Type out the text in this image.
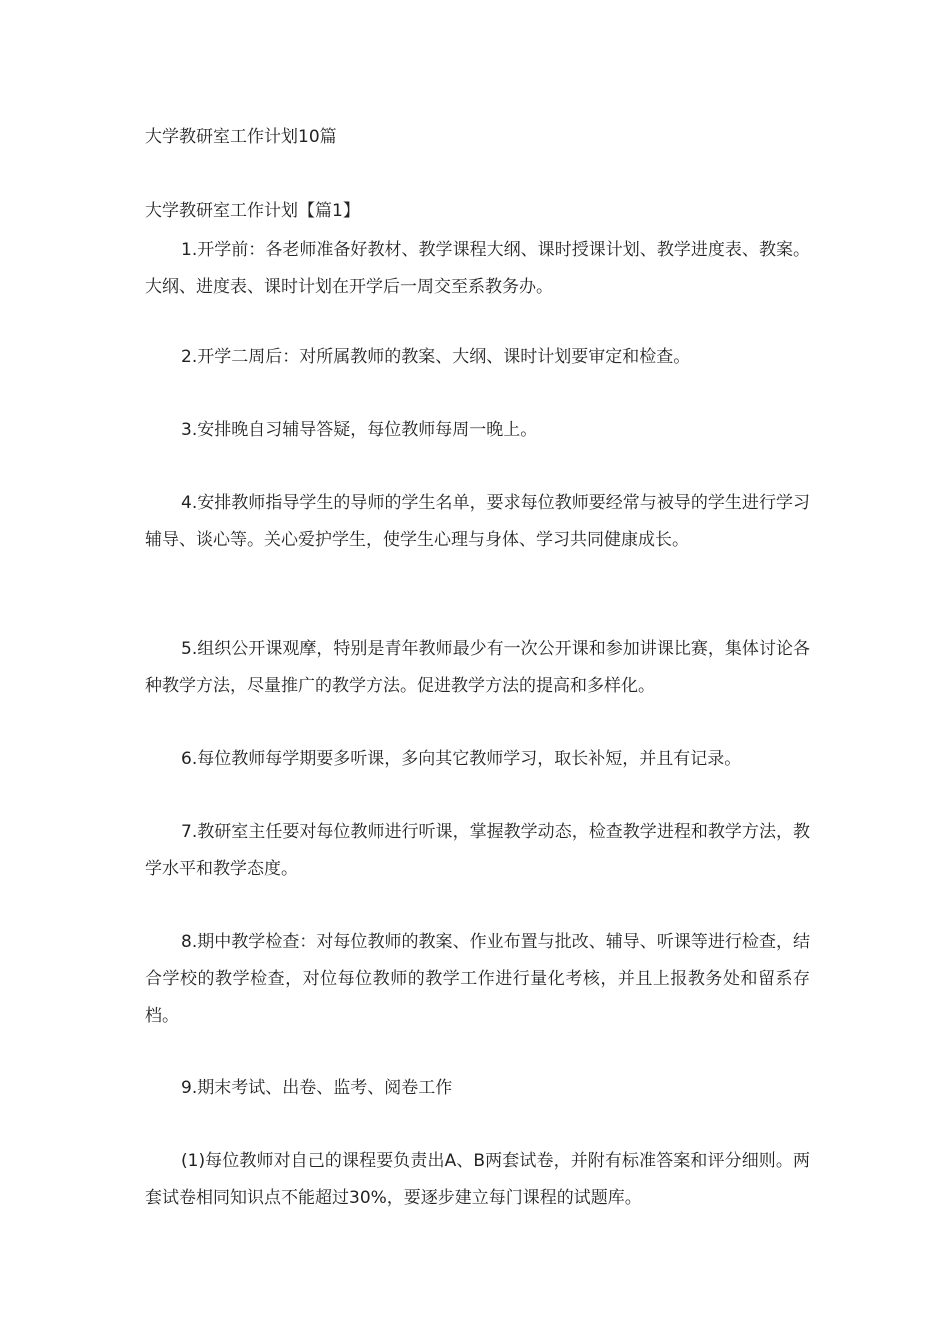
大学教研室工作计划10篇
大学教研室工作计划【篇1】

1.开学前：各老师准备好教材、教学课程大纲、课时授课计划、教学进度表、教案。大纲、进度表、课时计划在开学后一周交至系教务办。

2.开学二周后：对所属教师的教案、大纲、课时计划要审定和检查。

3.安排晚自习辅导答疑，每位教师每周一晚上。

4.安排教师指导学生的导师的学生名单，要求每位教师要经常与被导的学生进行学习辅导、谈心等。关心爱护学生，使学生心理与身体、学习共同健康成长。

5.组织公开课观摩，特别是青年教师最少有一次公开课和参加讲课比赛，集体讨论各种教学方法，尽量推广的教学方法。促进教学方法的提高和多样化。

6.每位教师每学期要多听课，多向其它教师学习，取长补短，并且有记录。

7.教研室主任要对每位教师进行听课，掌握教学动态，检查教学进程和教学方法，教学水平和教学态度。

8.期中教学检查：对每位教师的教案、作业布置与批改、辅导、听课等进行检查，结合学校的教学检查，对位每位教师的教学工作进行量化考核，并且上报教务处和留系存档。

9.期末考试、出卷、监考、阅卷工作

(1)每位教师对自己的课程要负责出A、B两套试卷，并附有标准答案和评分细则。两套试卷相同知识点不能超过30%，要逐步建立每门课程的试题库。
